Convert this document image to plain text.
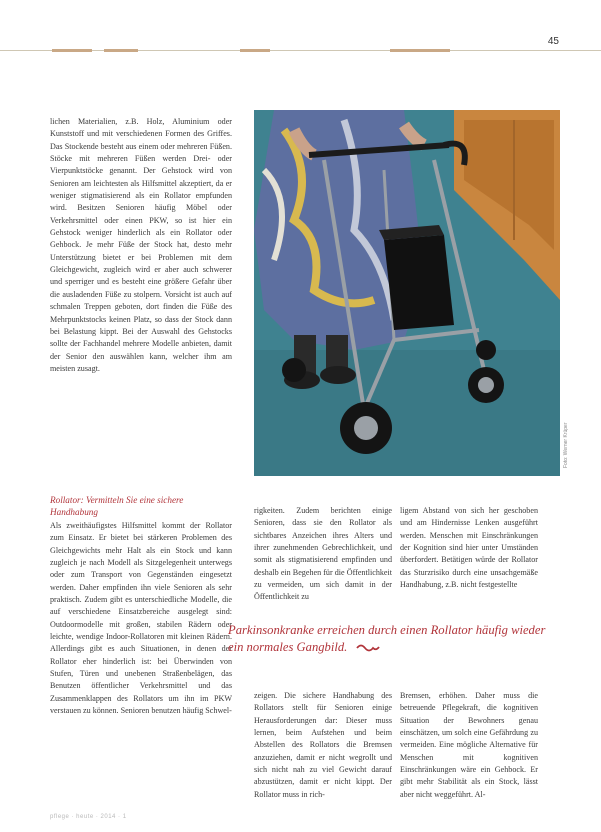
45

lichen Materialien, z.B. Holz, Aluminium oder Kunststoff und mit verschiedenen Formen des Griffes. Das Stockende besteht aus einem oder mehreren Füßen. Stöcke mit mehreren Füßen werden Drei- oder Vierpunktstöcke genannt. Der Gehstock wird von Senioren am leichtesten als Hilfsmittel akzeptiert, da er weniger stigmatisierend als ein Rollator empfunden wird. Besitzen Senioren häufig Möbel oder Verkehrsmittel oder einen PKW, so ist hier ein Gehstock weniger hinderlich als ein Rollator oder Gehbock. Je mehr Füße der Stock hat, desto mehr Unterstützung bietet er bei Problemen mit dem Gleichgewicht, zugleich wird er aber auch schwerer und sperriger und es besteht eine größere Gefahr über die ausladenden Füße zu stolpern. Vorsicht ist auch auf schmalen Treppen geboten, dort finden die Füße des Mehrpunktstocks keinen Platz, so dass der Stock dann bei Belastung kippt. Bei der Auswahl des Gehstocks sollte der Fachhandel mehrere Modelle anbieten, damit der Senior den auswählen kann, welcher ihm am meisten zusagt.

Rollator: Vermitteln Sie eine sichere Handhabung

Als zweithäufigstes Hilfsmittel kommt der Rollator zum Einsatz. Er bietet bei stärkeren Problemen des Gleichgewichts mehr Halt als ein Stock und kann zugleich je nach Modell als Sitzgelegenheit unterwegs oder zum Transport von Gegenständen eingesetzt werden. Daher empfinden ihn viele Senioren als sehr praktisch. Zudem gibt es unterschiedliche Modelle, die auf verschiedene Einsatzbereiche ausgelegt sind: Outdoormodelle mit großen, stabilen Rädern oder leichte, wendige Indoor-Rollatoren mit kleinen Rädern. Allerdings gibt es auch Situationen, in denen der Rollator eher hinderlich ist: bei Überwinden von Stufen, Türen und unebenen Straßenbelägen, das Benutzen öffentlicher Verkehrsmittel und das Zusammenklappen des Rollators um ihn im PKW verstauen zu können. Senioren benutzen häufig Schwel-

Foto: Werner Krüper

rigkeiten. Zudem berichten einige Senioren, dass sie den Rollator als sichtbares Anzeichen ihres Alters und ihrer zunehmenden Gebrechlichkeit, und somit als stigmatisierend empfinden und deshalb ein Begehen für die Öffentlichkeit zu vermeiden, um sich damit in der Öffentlichkeit zu

ligem Abstand von sich her geschoben und am Hindernisse Lenken ausgeführt werden. Menschen mit Einschränkungen der Kognition sind hier unter Umständen überfordert. Betätigen würde der Rollator das Sturzrisiko durch eine unsachgemäße Handhabung, z.B. nicht festgestellte

Parkinsonkranke erreichen durch einen Rollator häufig wieder ein normales Gangbild.

zeigen. Die sichere Handhabung des Rollators stellt für Senioren einige Herausforderungen dar: Dieser muss lernen, beim Aufstehen und beim Abstellen des Rollators die Bremsen anzuziehen, damit er nicht wegrollt und sich nicht nah zu viel Gewicht darauf abzustützen, damit er nicht kippt. Der Rollator muss in rich-

Bremsen, erhöhen. Daher muss die betreuende Pflegekraft, die kognitiven Situation der Bewohners genau einschätzen, um solch eine Gefährdung zu vermeiden. Eine mögliche Alternative für Menschen mit kognitiven Einschränkungen wäre ein Gehbock. Er gibt mehr Stabilität als ein Stock, lässt aber nicht weggeführt. Al-

pflege · heute · 2014 · 1
